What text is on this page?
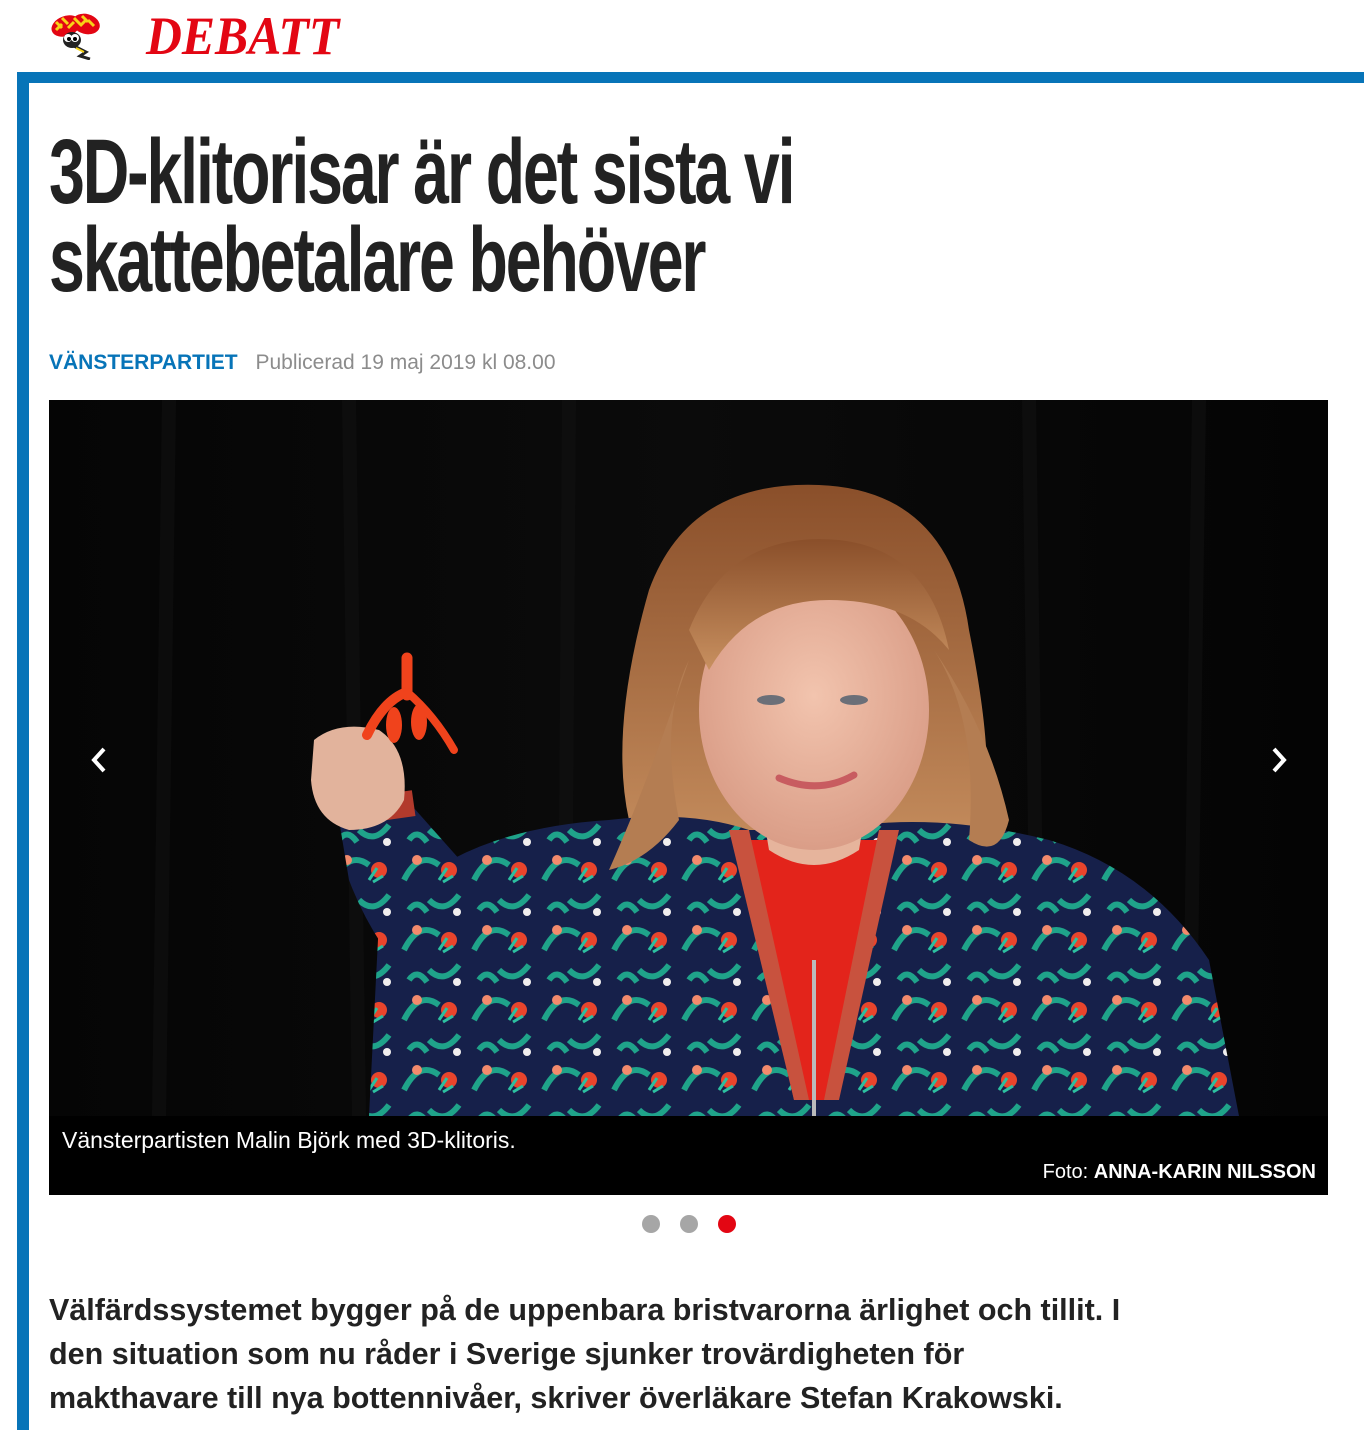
DEBATT
3D-klitorisar är det sista vi
skattebetalare behöver
VÄNSTERPARTIET Publicerad 19 maj 2019 kl 08.00
Vänsterpartisten Malin Björk med 3D-klitoris.
Foto: ANNA-KARIN NILSSON

Välfärdssystemet bygger på de uppenbara bristvarorna ärlighet och tillit. I
den situation som nu råder i Sverige sjunker trovärdigheten för
makthavare till nya bottennivåer, skriver överläkare Stefan Krakowski.
